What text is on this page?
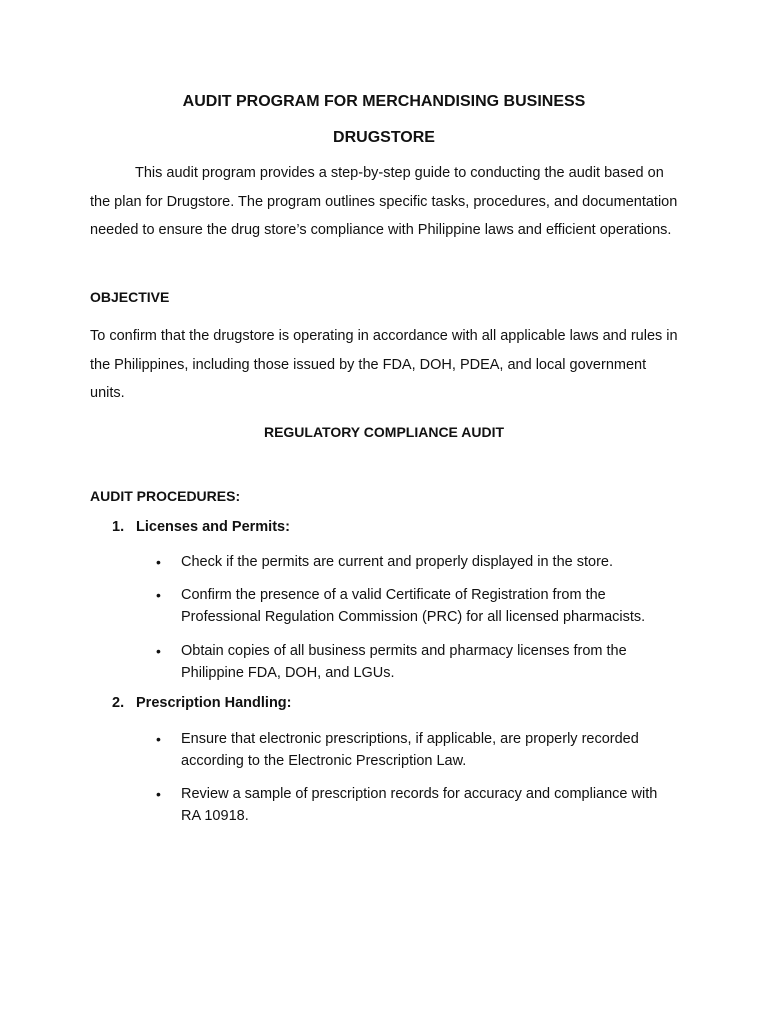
AUDIT PROGRAM FOR MERCHANDISING BUSINESS
DRUGSTORE

This audit program provides a step-by-step guide to conducting the audit based on the plan for Drugstore. The program outlines specific tasks, procedures, and documentation needed to ensure the drug store’s compliance with Philippine laws and efficient operations.

OBJECTIVE

To confirm that the drugstore is operating in accordance with all applicable laws and rules in the Philippines, including those issued by the FDA, DOH, PDEA, and local government units.

REGULATORY COMPLIANCE AUDIT
AUDIT PROCEDURES:
1. Licenses and Permits:
•	Check if the permits are current and properly displayed in the store.
•	Confirm the presence of a valid Certificate of Registration from the Professional Regulation Commission (PRC) for all licensed pharmacists.
•	Obtain copies of all business permits and pharmacy licenses from the Philippine FDA, DOH, and LGUs.
2. Prescription Handling:
•	Ensure that electronic prescriptions, if applicable, are properly recorded according to the Electronic Prescription Law.
•	Review a sample of prescription records for accuracy and compliance with RA 10918.
